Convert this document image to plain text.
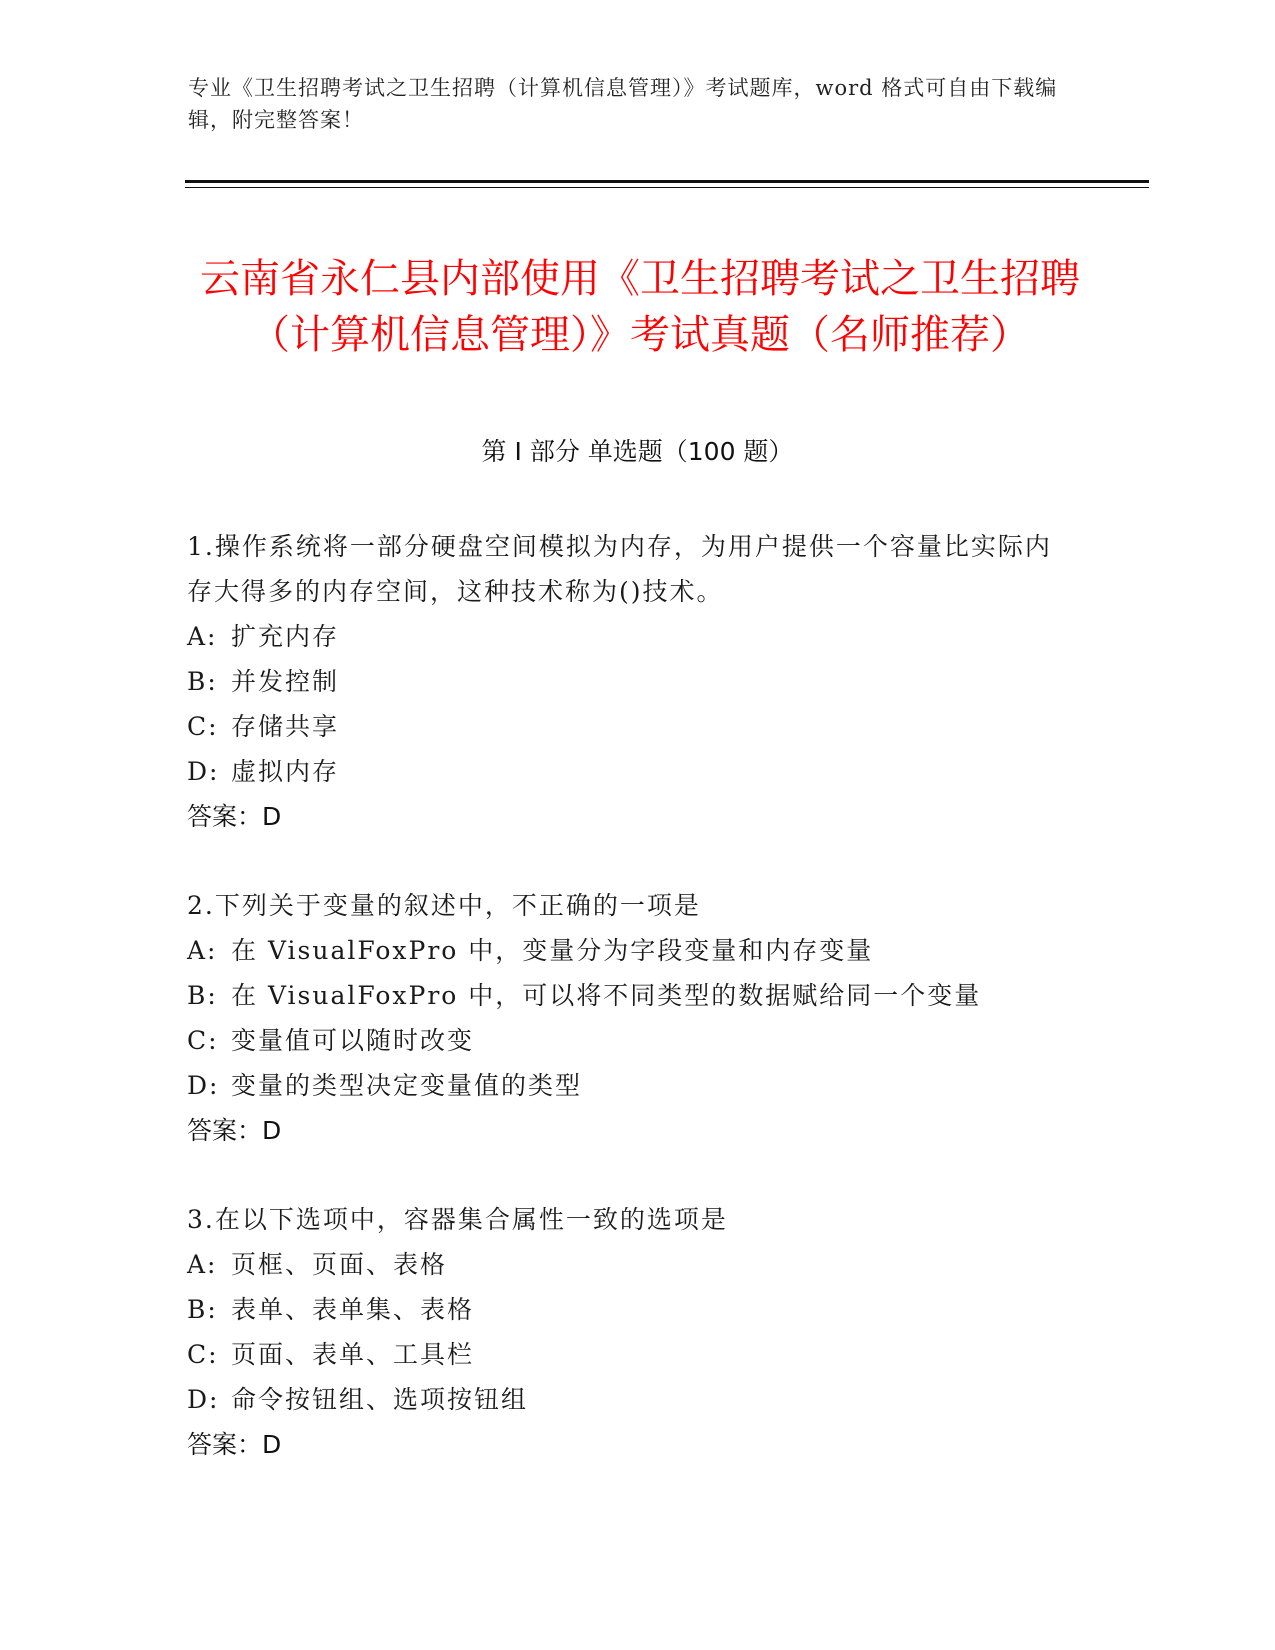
专业《卫生招聘考试之卫生招聘（计算机信息管理）》考试题库，word 格式可自由下载编辑，附完整答案！
云南省永仁县内部使用《卫生招聘考试之卫生招聘（计算机信息管理）》考试真题（名师推荐）
第 I 部分 单选题（100 题）
1.操作系统将一部分硬盘空间模拟为内存，为用户提供一个容量比实际内存大得多的内存空间，这种技术称为()技术。
A: 扩充内存
B: 并发控制
C: 存储共享
D: 虚拟内存
答案：D
2.下列关于变量的叙述中，不正确的一项是
A: 在 VisualFoxPro 中，变量分为字段变量和内存变量
B: 在 VisualFoxPro 中，可以将不同类型的数据赋给同一个变量
C: 变量值可以随时改变
D: 变量的类型决定变量值的类型
答案：D
3.在以下选项中，容器集合属性一致的选项是
A: 页框、页面、表格
B: 表单、表单集、表格
C: 页面、表单、工具栏
D: 命令按钮组、选项按钮组
答案：D
